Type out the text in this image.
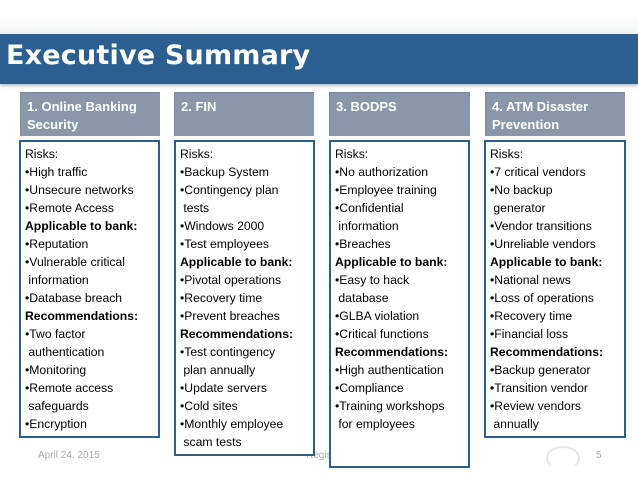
Executive Summary
April 24, 2015	5
1. Online Banking
Security
Risks:
•High traffic
•Unsecure networks
•Remote Access
Applicable to bank:
•Reputation
•Vulnerable critical
information
•Database breach
Recommendations:
•Two factor
authentication
•Monitoring
•Remote access
safeguards
•Encryption
2. FIN
Risks:
•Backup System
•Contingency plan
tests
•Windows 2000
•Test employees
Applicable to bank:
•Pivotal operations
•Recovery time
•Prevent breaches
Recommendations:
•Test contingency
plan annually
•Update servers
•Cold sites
•Monthly employee
scam tests
3. BODPS
Risks:
•No authorization
•Employee training
•Confidential
information
•Breaches
Applicable to bank:
•Easy to hack
database
•GLBA violation
•Critical functions
Recommendations:
•High authentication
•Compliance
•Training workshops
for employees
4. ATM Disaster
Prevention
Risks:
•7 critical vendors
•No backup
generator
•Vendor transitions
•Unreliable vendors
Applicable to bank:
•National news
•Loss of operations
•Recovery time
•Financial loss
Recommendations:
•Backup generator
•Transition vendor
•Review vendors
annually
